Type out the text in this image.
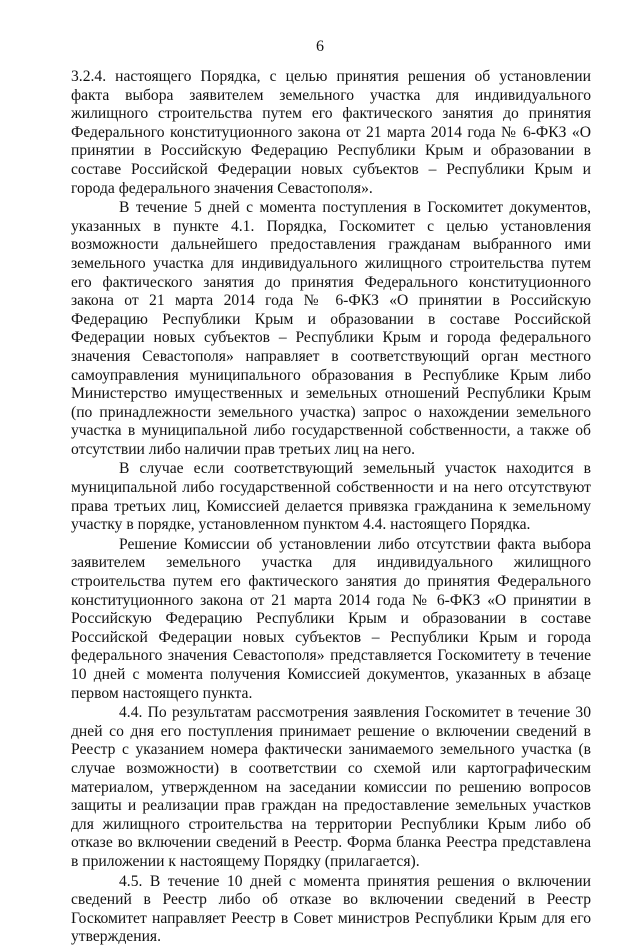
6

3.2.4. настоящего Порядка, с целью принятия решения об установлении факта выбора заявителем земельного участка для индивидуального жилищного строительства путем его фактического занятия до принятия Федерального конституционного закона от 21 марта 2014 года № 6-ФКЗ «О принятии в Российскую Федерацию Республики Крым и образовании в составе Российской Федерации новых субъектов – Республики Крым и города федерального значения Севастополя».

В течение 5 дней с момента поступления в Госкомитет документов, указанных в пункте 4.1. Порядка, Госкомитет с целью установления возможности дальнейшего предоставления гражданам выбранного ими земельного участка для индивидуального жилищного строительства путем его фактического занятия до принятия Федерального конституционного закона от 21 марта 2014 года № 6-ФКЗ «О принятии в Российскую Федерацию Республики Крым и образовании в составе Российской Федерации новых субъектов – Республики Крым и города федерального значения Севастополя» направляет в соответствующий орган местного самоуправления муниципального образования в Республике Крым либо Министерство имущественных и земельных отношений Республики Крым (по принадлежности земельного участка) запрос о нахождении земельного участка в муниципальной либо государственной собственности, а также об отсутствии либо наличии прав третьих лиц на него.

В случае если соответствующий земельный участок находится в муниципальной либо государственной собственности и на него отсутствуют права третьих лиц, Комиссией делается привязка гражданина к земельному участку в порядке, установленном пунктом 4.4. настоящего Порядка.

Решение Комиссии об установлении либо отсутствии факта выбора заявителем земельного участка для индивидуального жилищного строительства путем его фактического занятия до принятия Федерального конституционного закона от 21 марта 2014 года № 6-ФКЗ «О принятии в Российскую Федерацию Республики Крым и образовании в составе Российской Федерации новых субъектов – Республики Крым и города федерального значения Севастополя» представляется Госкомитету в течение 10 дней с момента получения Комиссией документов, указанных в абзаце первом настоящего пункта.

4.4. По результатам рассмотрения заявления Госкомитет в течение 30 дней со дня его поступления принимает решение о включении сведений в Реестр с указанием номера фактически занимаемого земельного участка (в случае возможности) в соответствии со схемой или картографическим материалом, утвержденном на заседании комиссии по решению вопросов защиты и реализации прав граждан на предоставление земельных участков для жилищного строительства на территории Республики Крым либо об отказе во включении сведений в Реестр. Форма бланка Реестра представлена в приложении к настоящему Порядку (прилагается).

4.5. В течение 10 дней с момента принятия решения о включении сведений в Реестр либо об отказе во включении сведений в Реестр Госкомитет направляет Реестр в Совет министров Республики Крым для его утверждения.
